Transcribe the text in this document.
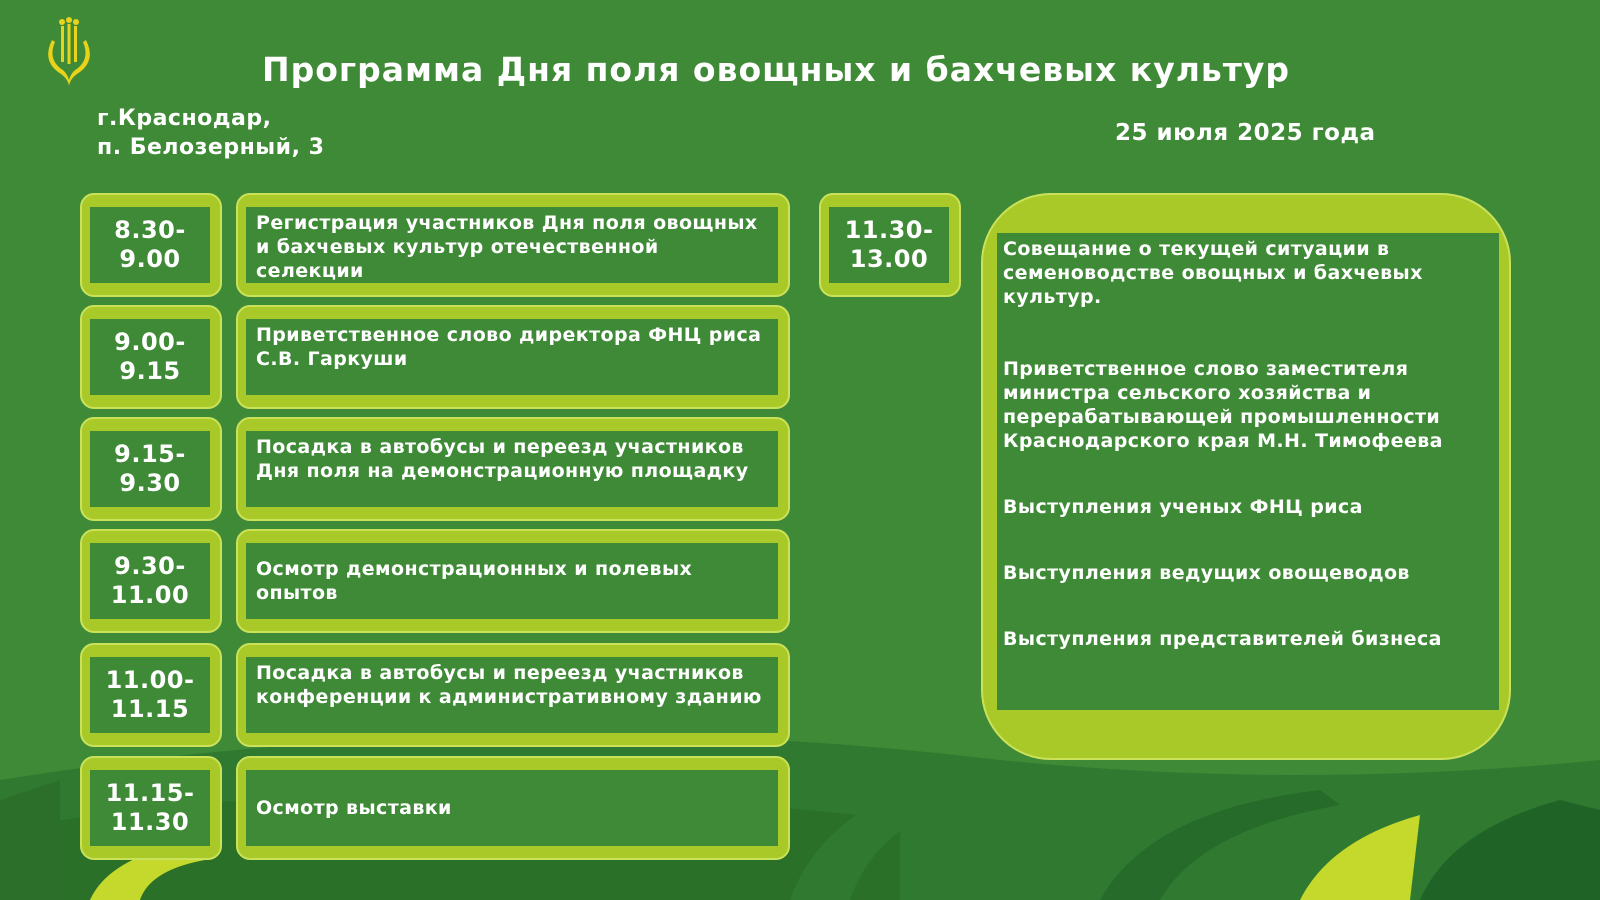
Программа Дня поля овощных и бахчевых культур
г.Краснодар,
п. Белозерный, 3
25 июля 2025 года
8.30-
9.00
Регистрация участников Дня поля овощных и бахчевых культур отечественной селекции
9.00-
9.15
Приветственное слово директора ФНЦ риса С.В. Гаркуши
9.15-
9.30
Посадка в автобусы и переезд участников Дня поля на демонстрационную площадку
9.30-
11.00
Осмотр демонстрационных и полевых опытов
11.00-
11.15
Посадка в автобусы и переезд участников конференции к административному зданию
11.15-
11.30	Осмотр выставки
11.30-
13.00	Совещание о текущей ситуации в семеноводстве овощных и бахчевых культур.
Приветственное слово заместителя министра сельского хозяйства и перерабатывающей промышленности Краснодарского края М.Н. Тимофеева
Выступления ученых ФНЦ риса
Выступления ведущих овощеводов
Выступления представителей бизнеса
